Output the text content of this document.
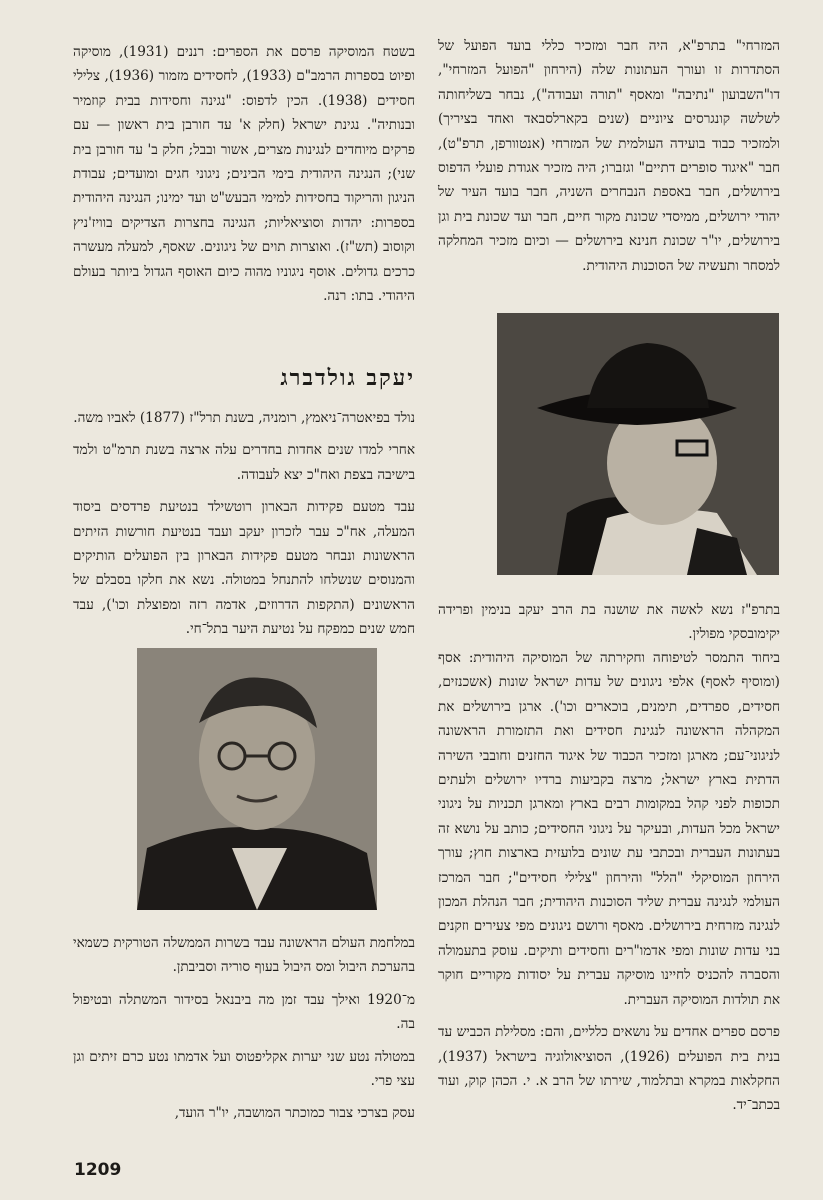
המזרחי" בתרפ"א, היה חבר ומזכיר כללי בועד הפועל של הסתדרות זו ועורך העתונות שלה (הירחון "הפועל המזרחי", דו"השבועון "נתיבה" ומאסף "תורה ועבודה"), נבחר בשליחותה לשלשה קונגרסים ציוניים (שנים בקארלסבאד ואחד בציריך) ולמזכיר כבוד בועידה העולמית של המזרחי (אנטוורפן, תרפ"ט), חבר "איגוד סופרים דתיים" וגזברו; היה מזכיר אגודת פועלי הדפוס בירושלים, חבר באספת הנבחרים השניה, חבר בועד העיר של יהודי ירושלים, ממיסדי שכונת מקור חיים, חבר ועד שכונת בית וגן בירושלים, יו"ר שכונת חנינא בירושלים — וכיום מזכיר המחלקה למסחר ותעשיה של הסוכנות היהודית.

בתרפ"ז נשא לאשה את שושנה בת הרב יעקב בנימין ופרידה יקימובסקי מפולין.

ביחוד התמסר לטיפוחה וחקירתה של המוסיקה היהודית: אסף (ומוסיף לאסף) אלפי ניגונים של עדות ישראל שונות (אשכנזים, חסידים, ספרדים, תימנים, בוכארים וכו'). ארגן בירושלים את המקהלה הראשונה לנגינת חסידים ואת התזמורת הראשונה לניגוני־עם; מארגן ומזכיר הכבוד של איגוד החזנים וחובבי השירה הדתית בארץ ישראל; מרצה בקביעות ברדיו ירושלים ולעתים תכופות לפני קהל במקומות רבים בארץ ומארגן תכניות על ניגוני ישראל מכל העדות, ובעיקר על ניגוני החסידים; כותב על נושא זה בעתונות העברית ובכתבי עת שונים בלועזית בארצות חוץ; עורך הירחון המוסיקלי "הלל" והירחון "צלילי חסידים"; חבר המרכז העולמי לנגינה עברית שליד הסוכנות היהודית; חבר הנהלת המכון לנגינה מזרחית בירושלים. מאסף ורושם ניגונים מפי צעירים וזקנים בני עדות שונות ומפי אדמו"רים וחסידים ותיקים. עוסק בתעמולה והסברה להכניס לחיינו מוסיקה עברית על יסודות מקוריים חוקר את תולדות המוסיקה העברית.

פרסם ספרים אחדים על נושאים כלליים, והם: מסלילת הכביש עד בנית בית הפועלים (1926), הסוציאולוגיה בישראל (1937), החקלאות במקרא ובתלמוד, שירתו של הרב א. י. הכהן קוק, ועוד בכתב־יד.

בשטח המוסיקה פרסם את הספרים: רננים (1931), מוסיקה ופיוט בספרות הרמב"ם (1933), לחסידים מזמור (1936), צלילי חסידים (1938). הכין לדפוס: "נגינה וחסידות בבית קוזמיר ובנותיה". נגינת ישראל (חלק א' עד חורבן בית ראשון — עם פרקים מיוחדים לנגינות מצרים, אשור ובבל; חלק ב' עד חורבן בית שני); הנגינה היהודית בימי הבינים; ניגוני חגים ומועדים; עבודת הניגון והריקוד בחסידות למימי הבעש"ט ועד ימינו; הנגינה היהודית בספרות: יהדות וסוציאליות; הנגינה בחצרות הצדיקים בוויז'ניץ וקוסוב (תש"ז). ואוצרות תוים של ניגונים. שאסף, למעלה מעשרה כרכים גדולים. אוסף ניגוניו מהוה כיום האוסף הגדול ביותר בעולם היהודי. בתו: רנה.

יעקב גולדברג

נולד בפיאטרה־ניאמץ, רומניה, בשנת תרל"ז (1877) לאביו משה.

אחרי למדו שנים אחדות בחדרים עלה ארצה בשנת תרמ"ט ולמד בישיבה בצפת ואח"כ יצא לעבודה.

עבד מטעם פקידות הבארון רוטשילד בנטיעת פרדסים ביסוד המעלה, אח"כ עבר לזכרון יעקב ועבד בנטיעת חורשות הזיתים הראשונות ונבחר מטעם פקידות הבארון בין הפועלים הותיקים והמנוסים שנשלחו להתנחל במטולה. נשא את חלקו בסבלם של הראשונים (התקפות הדרוזים, אדמה רזה ומפוצלת וכו'), עבד חמש שנים כמפקח על נטיעת היער בתל־חי.

במלחמת העולם הראשונה עבד בשרות הממשלה הטורקית כשמאי בהערכת היבול ומס היבול בעוף סוריה וסביבתן.

מ־1920 ואילך עבד זמן מה ביבנאל בסידור המשתלה ובטיפול בה.

במטולה נטע שני יערות אקליפטוס ועל אדמתו נטע כרם זיתים וגן עצי פרי.

עסק בצרכי צבור כמוכתר המושבה, יו"ר הועד,

1209
